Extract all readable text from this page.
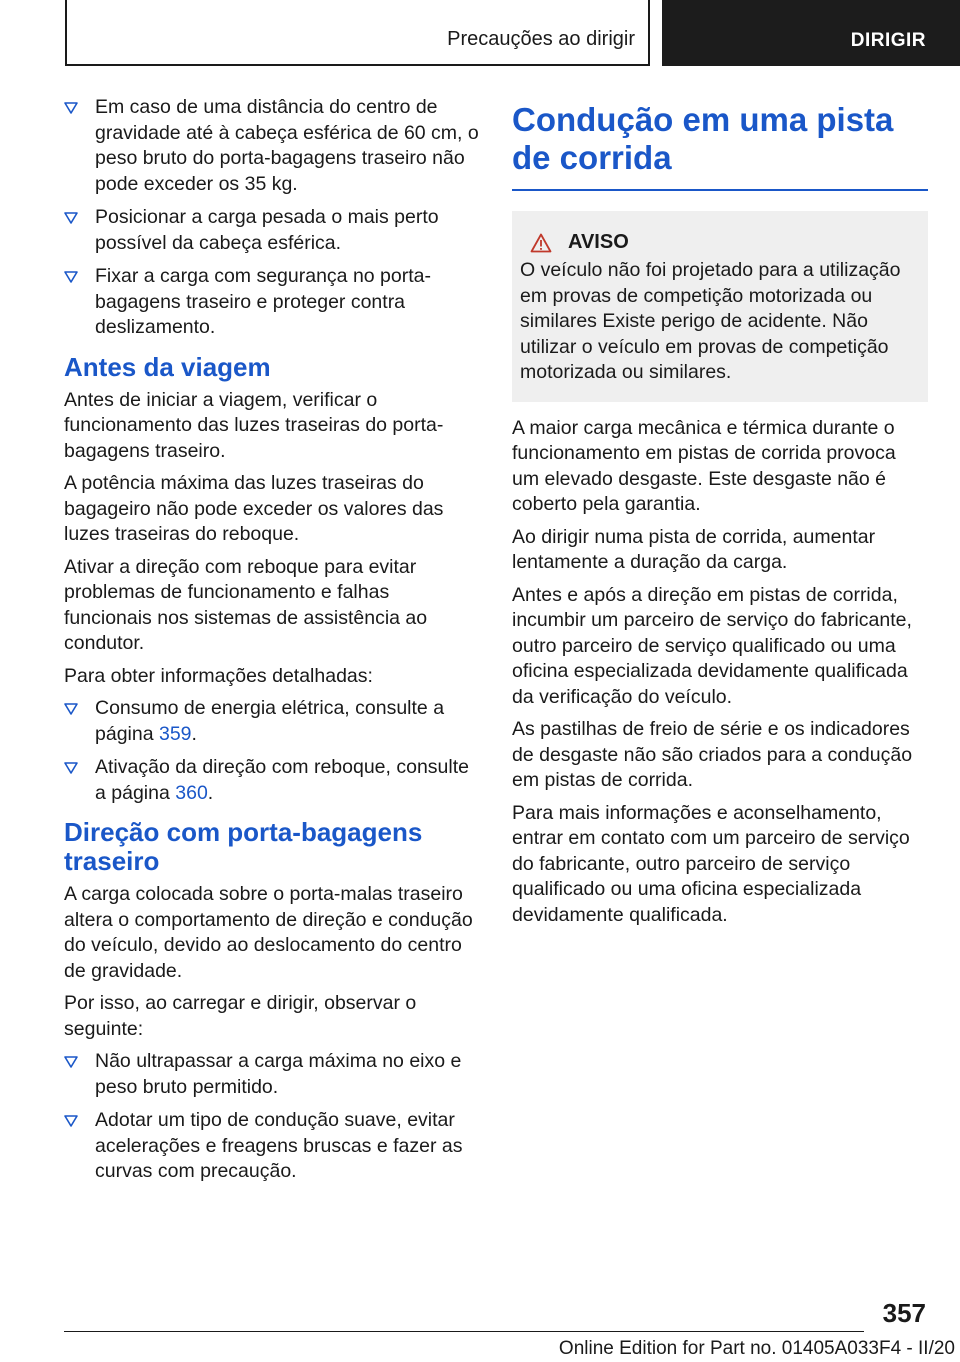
Precauções ao dirigir	DIRIGIR
Em caso de uma distância do centro de gravidade até à cabeça esférica de 60 cm, o peso bruto do porta-bagagens traseiro não pode exceder os 35 kg.
Posicionar a carga pesada o mais perto possível da cabeça esférica.
Fixar a carga com segurança no porta-bagagens traseiro e proteger contra deslizamento.
Antes da viagem

Antes de iniciar a viagem, verificar o funcionamento das luzes traseiras do porta-bagagens traseiro.

A potência máxima das luzes traseiras do bagageiro não pode exceder os valores das luzes traseiras do reboque.

Ativar a direção com reboque para evitar problemas de funcionamento e falhas funcionais nos sistemas de assistência ao condutor.

Para obter informações detalhadas:

Consumo de energia elétrica, consulte a página 359.
Ativação da direção com reboque, consulte a página 360.
Direção com porta-bagagens traseiro

A carga colocada sobre o porta-malas traseiro altera o comportamento de direção e condução do veículo, devido ao deslocamento do centro de gravidade.

Por isso, ao carregar e dirigir, observar o seguinte:

Não ultrapassar a carga máxima no eixo e peso bruto permitido.
Adotar um tipo de condução suave, evitar acelerações e freagens bruscas e fazer as curvas com precaução.
Condução em uma pista de corrida
AVISO

O veículo não foi projetado para a utilização em provas de competição motorizada ou similares Existe perigo de acidente. Não utilizar o veículo em provas de competição motorizada ou similares.

A maior carga mecânica e térmica durante o funcionamento em pistas de corrida provoca um elevado desgaste. Este desgaste não é coberto pela garantia.

Ao dirigir numa pista de corrida, aumentar lentamente a duração da carga.

Antes e após a direção em pistas de corrida, incumbir um parceiro de serviço do fabricante, outro parceiro de serviço qualificado ou uma oficina especializada devidamente qualificada da verificação do veículo.

As pastilhas de freio de série e os indicadores de desgaste não são criados para a condução em pistas de corrida.

Para mais informações e aconselhamento, entrar em contato com um parceiro de serviço do fabricante, outro parceiro de serviço qualificado ou uma oficina especializada devidamente qualificada.

357
Online Edition for Part no. 01405A033F4 - II/20
